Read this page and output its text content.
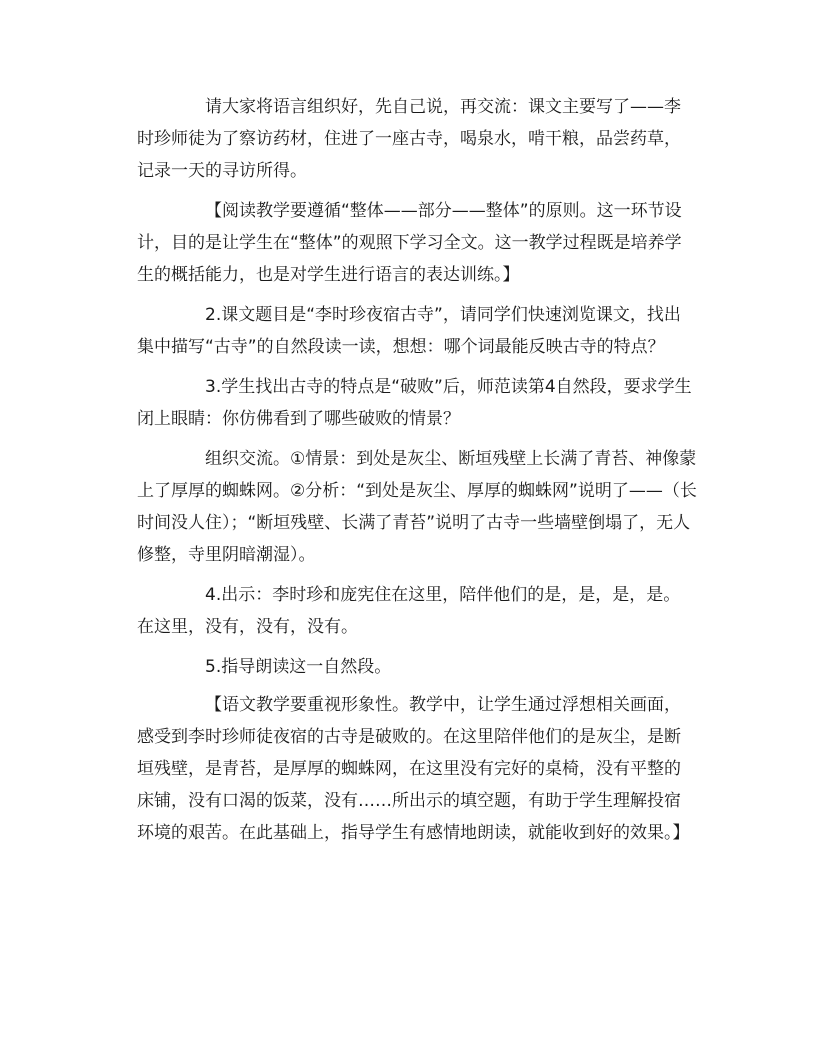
请大家将语言组织好，先自己说，再交流：课文主要写了——李时珍师徒为了察访药材，住进了一座古寺，喝泉水，啃干粮，品尝药草，记录一天的寻访所得。

【阅读教学要遵循“整体——部分——整体”的原则。这一环节设计，目的是让学生在“整体”的观照下学习全文。这一教学过程既是培养学生的概括能力，也是对学生进行语言的表达训练。】

2.课文题目是“李时珍夜宿古寺”，请同学们快速浏览课文，找出集中描写“古寺”的自然段读一读，想想：哪个词最能反映古寺的特点？

3.学生找出古寺的特点是“破败”后，师范读第4自然段，要求学生闭上眼睛：你仿佛看到了哪些破败的情景？

组织交流。①情景：到处是灰尘、断垣残壁上长满了青苔、神像蒙上了厚厚的蜘蛛网。②分析：“到处是灰尘、厚厚的蜘蛛网”说明了——（长时间没人住）；“断垣残壁、长满了青苔”说明了古寺一些墙壁倒塌了，无人修整，寺里阴暗潮湿）。

4.出示：李时珍和庞宪住在这里，陪伴他们的是，是，是，是。在这里，没有，没有，没有。

5.指导朗读这一自然段。

【语文教学要重视形象性。教学中，让学生通过浮想相关画面，感受到李时珍师徒夜宿的古寺是破败的。在这里陪伴他们的是灰尘，是断垣残壁，是青苔，是厚厚的蜘蛛网，在这里没有完好的桌椅，没有平整的床铺，没有口渴的饭菜，没有……所出示的填空题，有助于学生理解投宿环境的艰苦。在此基础上，指导学生有感情地朗读，就能收到好的效果。】
